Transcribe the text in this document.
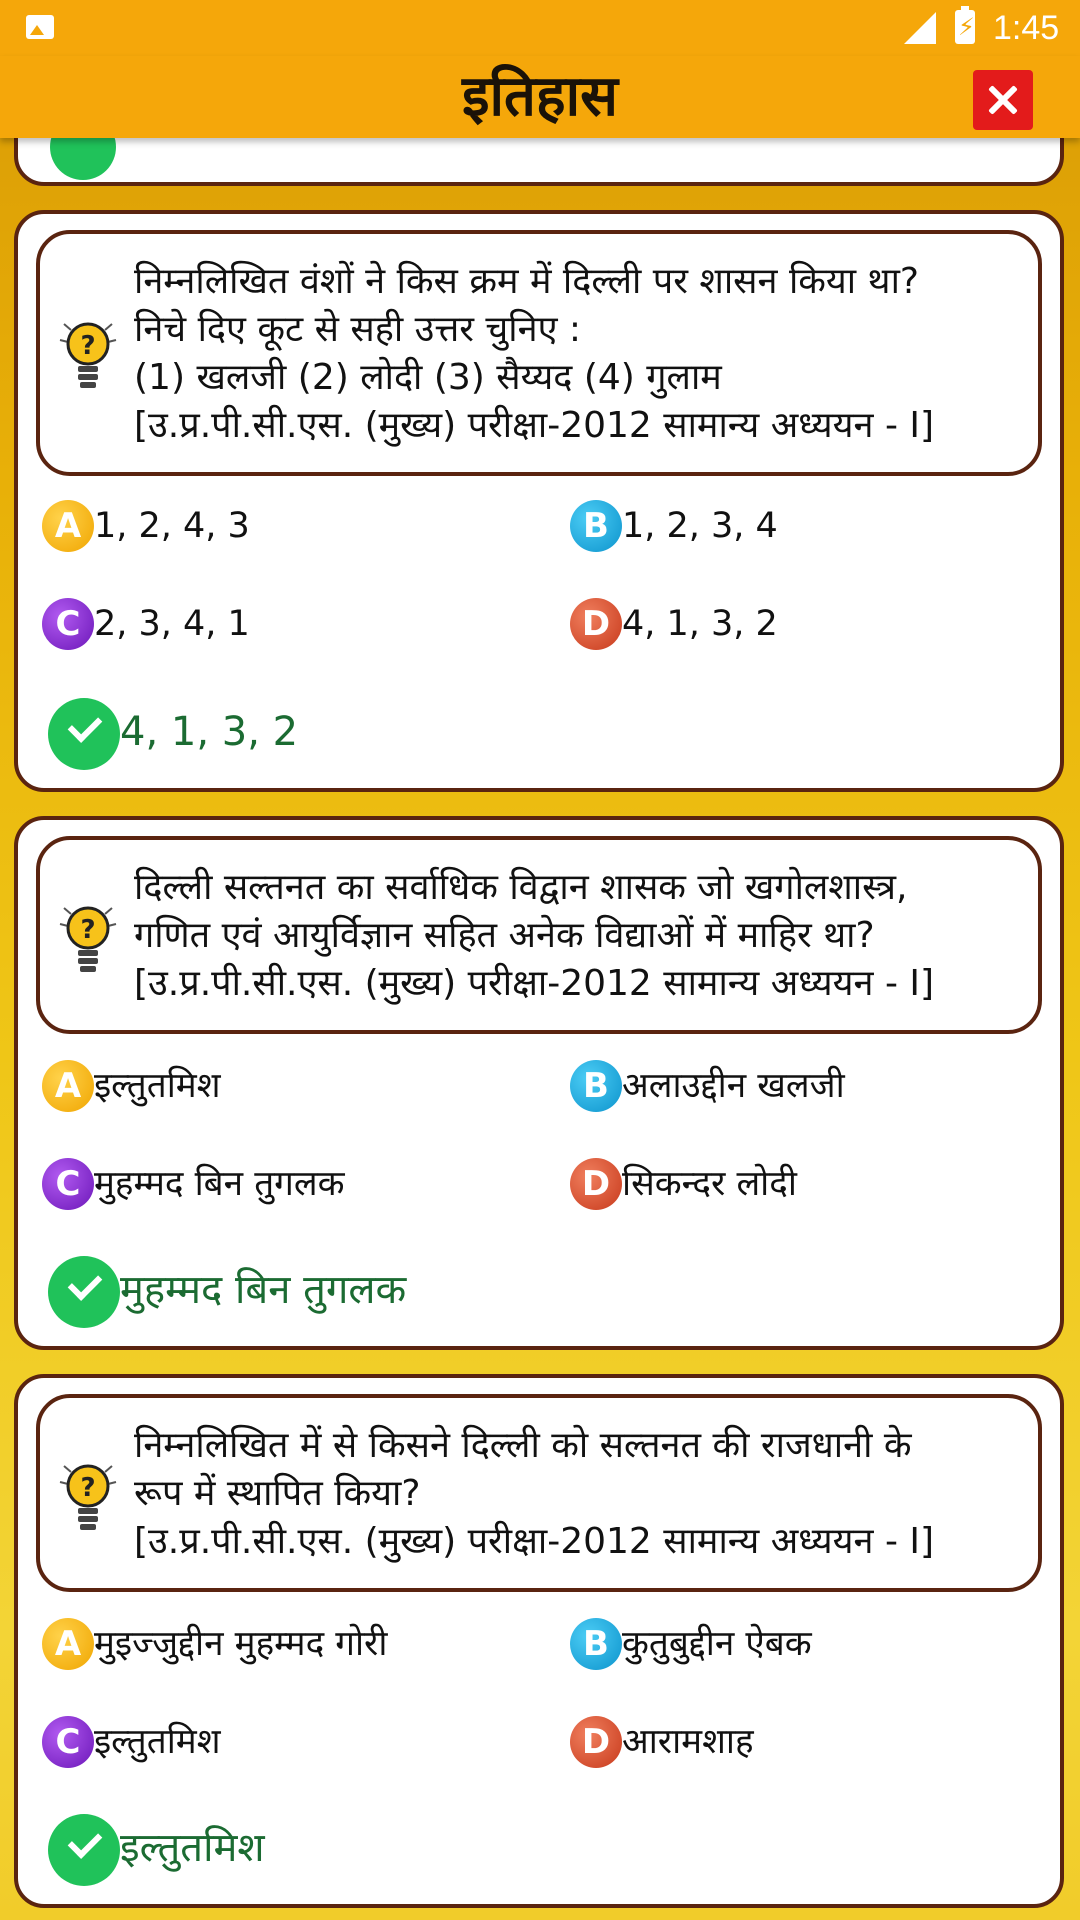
⚡ 1:45
इतिहास
?
निम्नलिखित वंशों ने किस क्रम में दिल्ली पर शासन किया था?
निचे दिए कूट से सही उत्तर चुनिए :
(1) खलजी (2) लोदी (3) सैय्यद (4) गुलाम
[उ.प्र.पी.सी.एस. (मुख्य) परीक्षा-2012 सामान्य अध्ययन - I]
A 1, 2, 4, 3	B 1, 2, 3, 4
C 2, 3, 4, 1	D 4, 1, 3, 2
4, 1, 3, 2
?
दिल्ली सल्तनत का सर्वाधिक विद्वान शासक जो खगोलशास्त्र,
गणित एवं आयुर्विज्ञान सहित अनेक विद्याओं में माहिर था?
[उ.प्र.पी.सी.एस. (मुख्य) परीक्षा-2012 सामान्य अध्ययन - I]
A इल्तुतमिश	B अलाउद्दीन खलजी
C मुहम्मद बिन तुगलक	D सिकन्दर लोदी
मुहम्मद बिन तुगलक
?
निम्नलिखित में से किसने दिल्ली को सल्तनत की राजधानी के
रूप में स्थापित किया?
[उ.प्र.पी.सी.एस. (मुख्य) परीक्षा-2012 सामान्य अध्ययन - I]
A मुइज्जुद्दीन मुहम्मद गोरी	B कुतुबुद्दीन ऐबक
C इल्तुतमिश	D आरामशाह
इल्तुतमिश
